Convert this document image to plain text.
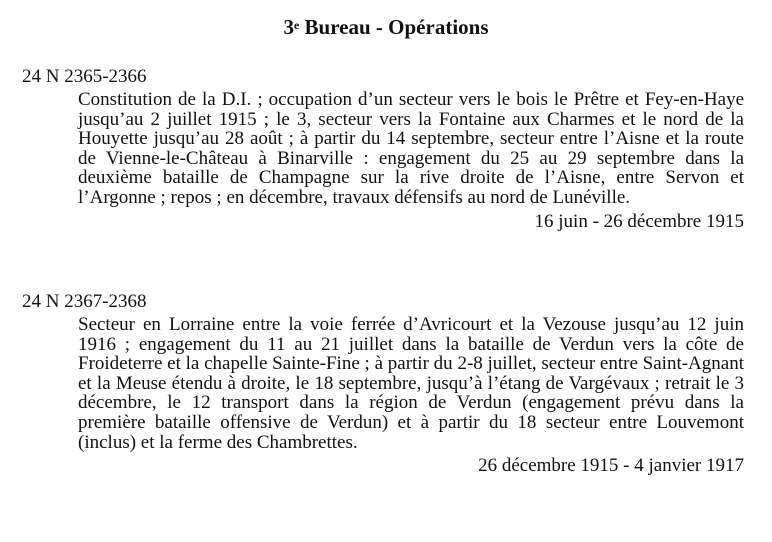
3e Bureau - Opérations
24 N 2365-2366
Constitution de la D.I. ; occupation d’un secteur vers le bois le Prêtre et Fey-en-Haye jusqu’au 2 juillet 1915 ; le 3, secteur vers la Fontaine aux Charmes et le nord de la Houyette jusqu’au 28 août ; à partir du 14 septembre, secteur entre l’Aisne et la route de Vienne-le-Château à Binarville : engagement du 25 au 29 septembre dans la deuxième bataille de Champagne sur la rive droite de l’Aisne, entre Servon et l’Argonne ; repos ; en décembre, travaux défensifs au nord de Lunéville.
16 juin - 26 décembre 1915
24 N 2367-2368
Secteur en Lorraine entre la voie ferrée d’Avricourt et la Vezouse jusqu’au 12 juin 1916 ; engagement du 11 au 21 juillet dans la bataille de Verdun vers la côte de Froideterre et la chapelle Sainte-Fine ; à partir du 2-8 juillet, secteur entre Saint-Agnant et la Meuse étendu à droite, le 18 septembre, jusqu’à l’étang de Vargévaux ; retrait le 3 décembre, le 12 transport dans la région de Verdun (engagement prévu dans la première bataille offensive de Verdun) et à partir du 18 secteur entre Louvemont (inclus) et la ferme des Chambrettes.
26 décembre 1915 - 4 janvier 1917
